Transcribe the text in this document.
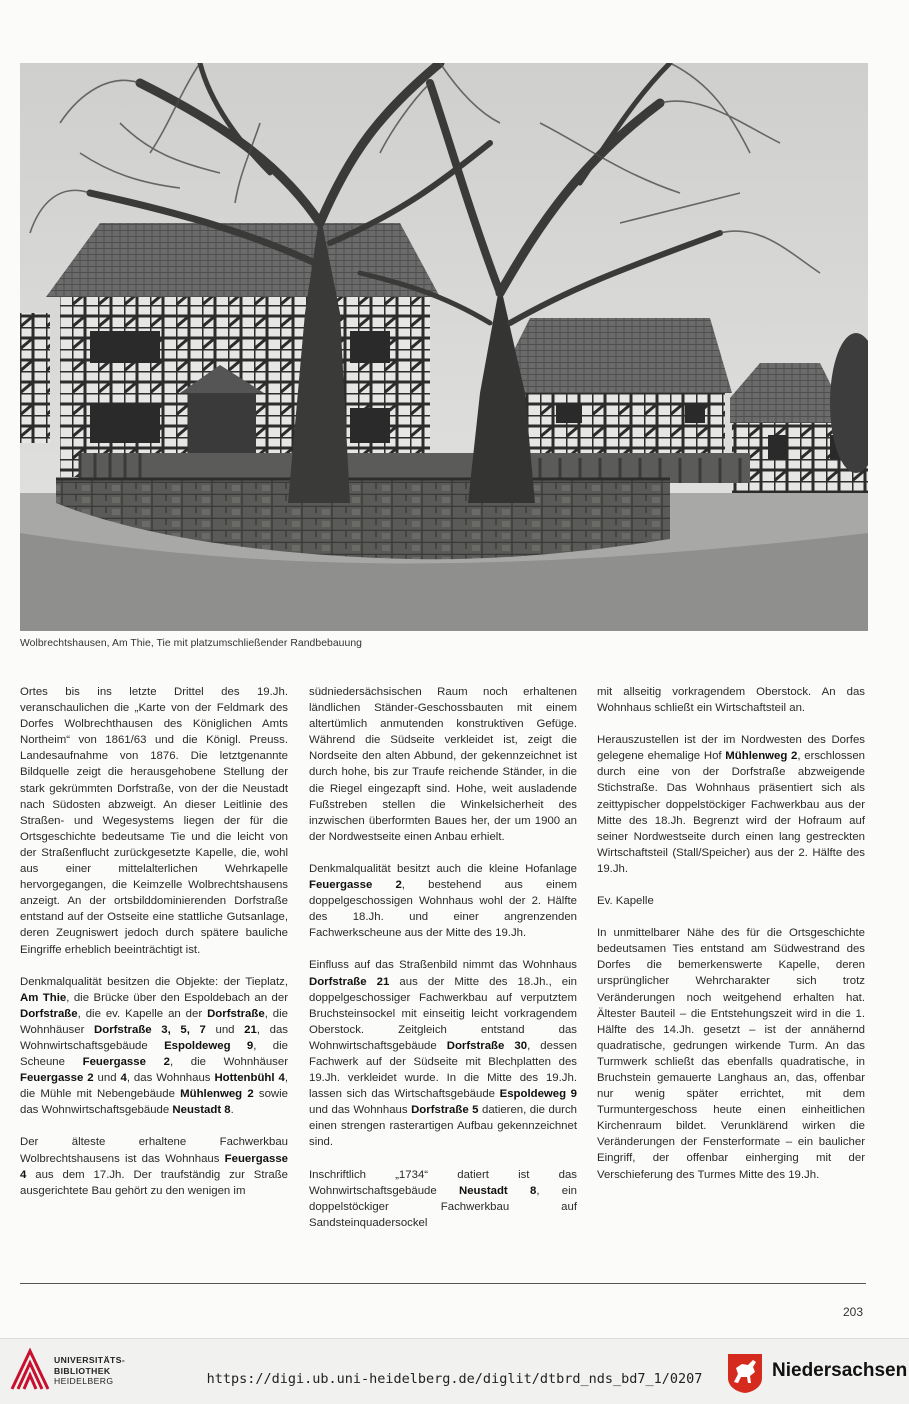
Wolbrechtshausen, Am Thie, Tie mit platzumschließender Randbebauung

Ortes bis ins letzte Drittel des 19.Jh. veranschaulichen die „Karte von der Feldmark des Dorfes Wolbrechthausen des Königlichen Amts Northeim“ von 1861/63 und die Königl. Preuss. Landesaufnahme von 1876. Die letztgenannte Bildquelle zeigt die herausgehobene Stellung der stark gekrümmten Dorfstraße, von der die Neustadt nach Südosten abzweigt. An dieser Leitlinie des Straßen- und Wegesystems liegen der für die Ortsgeschichte bedeutsame Tie und die leicht von der Straßenflucht zurückgesetzte Kapelle, die, wohl aus einer mittelalterlichen Wehrkapelle hervorgegangen, die Keimzelle Wolbrechtshausens anzeigt. An der ortsbilddominierenden Dorfstraße entstand auf der Ostseite eine stattliche Gutsanlage, deren Zeugniswert jedoch durch spätere bauliche Eingriffe erheblich beeinträchtigt ist.

Denkmalqualität besitzen die Objekte: der Tieplatz, Am Thie, die Brücke über den Espoldebach an der Dorfstraße, die ev. Kapelle an der Dorfstraße, die Wohnhäuser Dorfstraße 3, 5, 7 und 21, das Wohnwirtschaftsgebäude Espoldeweg 9, die Scheune Feuergasse 2, die Wohnhäuser Feuergasse 2 und 4, das Wohnhaus Hottenbühl 4, die Mühle mit Nebengebäude Mühlenweg 2 sowie das Wohnwirtschaftsgebäude Neustadt 8.

Der älteste erhaltene Fachwerkbau Wolbrechtshausens ist das Wohnhaus Feuergasse 4 aus dem 17.Jh. Der traufständig zur Straße ausgerichtete Bau gehört zu den wenigen im

südniedersächsischen Raum noch erhaltenen ländlichen Ständer-Geschossbauten mit einem altertümlich anmutenden konstruktiven Gefüge. Während die Südseite verkleidet ist, zeigt die Nordseite den alten Abbund, der gekennzeichnet ist durch hohe, bis zur Traufe reichende Ständer, in die die Riegel eingezapft sind. Hohe, weit ausladende Fußstreben stellen die Winkelsicherheit des inzwischen überformten Baues her, der um 1900 an der Nordwestseite einen Anbau erhielt.

Denkmalqualität besitzt auch die kleine Hofanlage Feuergasse 2, bestehend aus einem doppelgeschossigen Wohnhaus wohl der 2. Hälfte des 18.Jh. und einer angrenzenden Fachwerkscheune aus der Mitte des 19.Jh.

Einfluss auf das Straßenbild nimmt das Wohnhaus Dorfstraße 21 aus der Mitte des 18.Jh., ein doppelgeschossiger Fachwerkbau auf verputztem Bruchsteinsockel mit einseitig leicht vorkragendem Oberstock. Zeitgleich entstand das Wohnwirtschaftsgebäude Dorfstraße 30, dessen Fachwerk auf der Südseite mit Blechplatten des 19.Jh. verkleidet wurde. In die Mitte des 19.Jh. lassen sich das Wirtschaftsgebäude Espoldeweg 9 und das Wohnhaus Dorfstraße 5 datieren, die durch einen strengen rasterartigen Aufbau gekennzeichnet sind.

Inschriftlich „1734“ datiert ist das Wohnwirtschaftsgebäude Neustadt 8, ein doppelstöckiger Fachwerkbau auf Sandsteinquadersockel

mit allseitig vorkragendem Oberstock. An das Wohnhaus schließt ein Wirtschaftsteil an.

Herauszustellen ist der im Nordwesten des Dorfes gelegene ehemalige Hof Mühlenweg 2, erschlossen durch eine von der Dorfstraße abzweigende Stichstraße. Das Wohnhaus präsentiert sich als zeittypischer doppelstöckiger Fachwerkbau aus der Mitte des 18.Jh. Begrenzt wird der Hofraum auf seiner Nordwestseite durch einen lang gestreckten Wirtschaftsteil (Stall/Speicher) aus der 2. Hälfte des 19.Jh.

Ev. Kapelle

In unmittelbarer Nähe des für die Ortsgeschichte bedeutsamen Ties entstand am Südwestrand des Dorfes die bemerkenswerte Kapelle, deren ursprünglicher Wehrcharakter sich trotz Veränderungen noch weitgehend erhalten hat. Ältester Bauteil – die Entstehungszeit wird in die 1. Hälfte des 14.Jh. gesetzt – ist der annähernd quadratische, gedrungen wirkende Turm. An das Turmwerk schließt das ebenfalls quadratische, in Bruchstein gemauerte Langhaus an, das, offenbar nur wenig später errichtet, mit dem Turmuntergeschoss heute einen einheitlichen Kirchenraum bildet. Verunklärend wirken die Veränderungen der Fensterformate – ein baulicher Eingriff, der offenbar einherging mit der Verschieferung des Turmes Mitte des 19.Jh.

203
UNIVERSITÄTS-
BIBLIOTHEK
HEIDELBERG	https://digi.ub.uni-heidelberg.de/diglit/dtbrd_nds_bd7_1/0207	Niedersachsen
